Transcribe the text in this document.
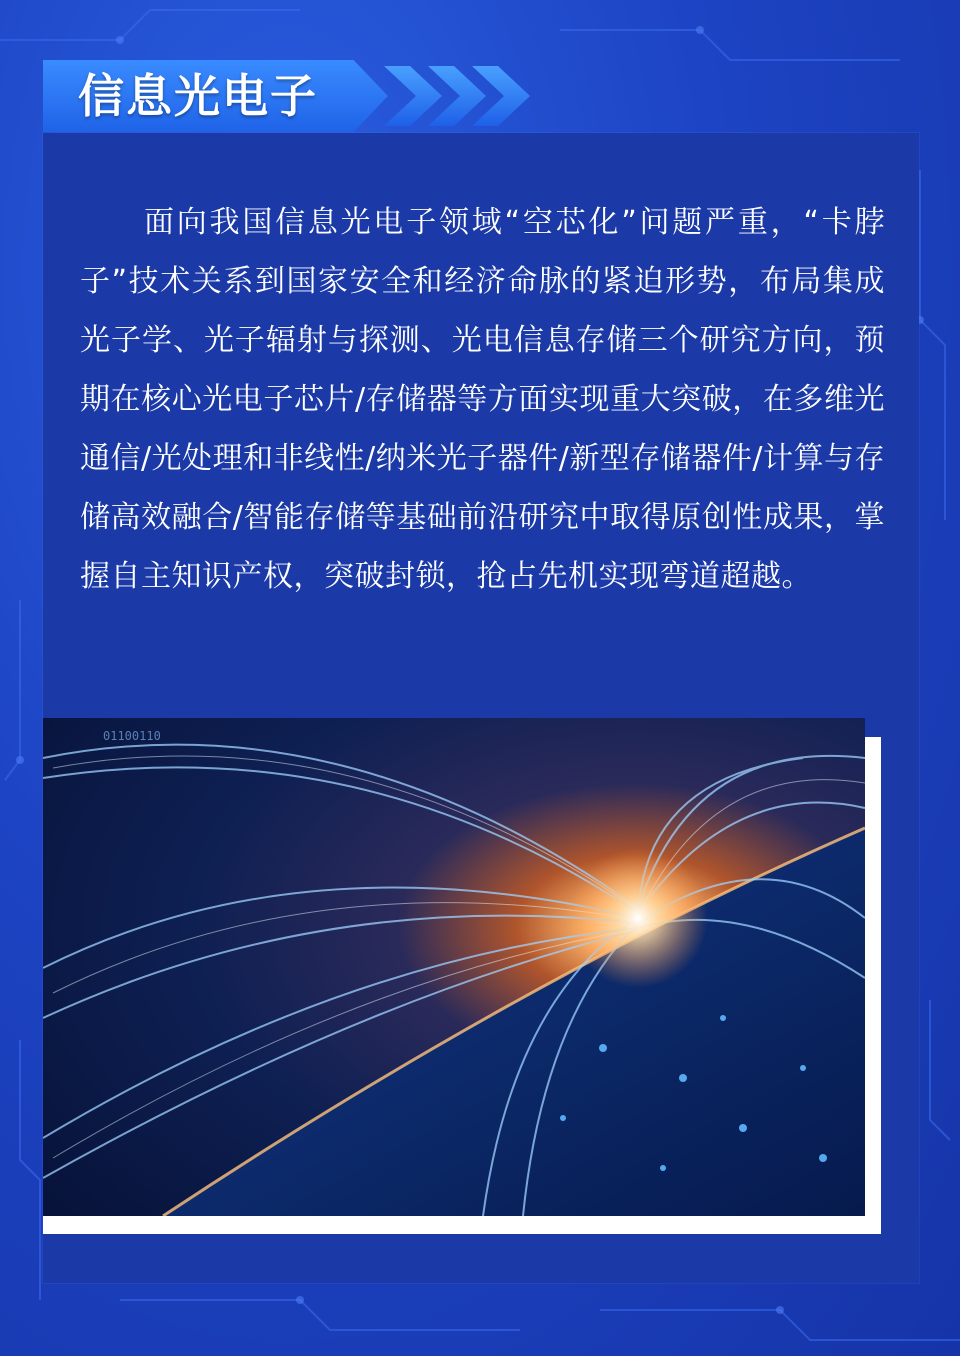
信息光电子

面向我国信息光电子领域“空芯化”问题严重，“卡脖子”技术关系到国家安全和经济命脉的紧迫形势，布局集成光子学、光子辐射与探测、光电信息存储三个研究方向，预期在核心光电子芯片/存储器等方面实现重大突破，在多维光通信/光处理和非线性/纳米光子器件/新型存储器件/计算与存储高效融合/智能存储等基础前沿研究中取得原创性成果，掌握自主知识产权，突破封锁，抢占先机实现弯道超越。

01100110
